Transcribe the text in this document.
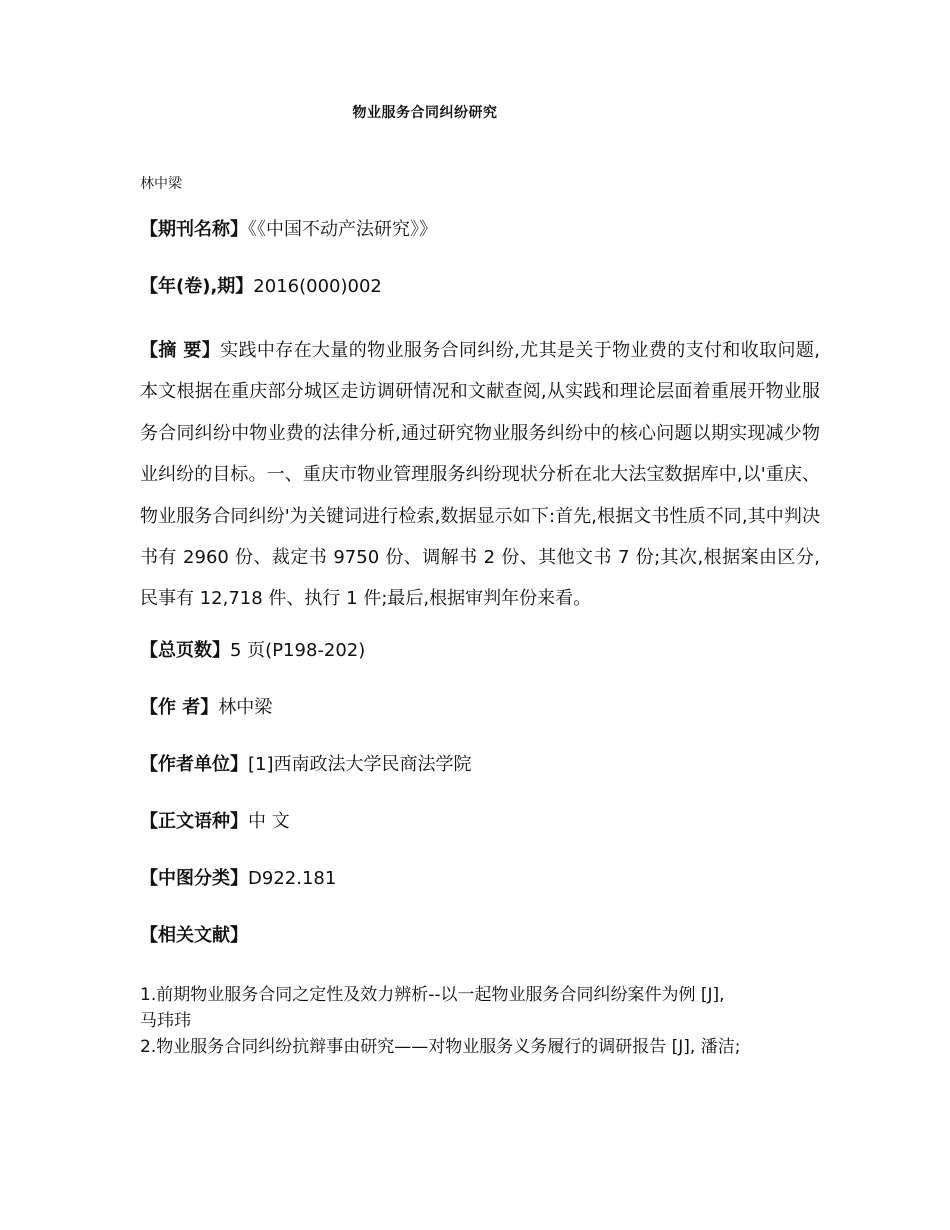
物业服务合同纠纷研究
林中梁
【期刊名称】《《中国不动产法研究》》
【年(卷),期】2016(000)002
【摘 要】实践中存在大量的物业服务合同纠纷,尤其是关于物业费的支付和收取问题,本文根据在重庆部分城区走访调研情况和文献查阅,从实践和理论层面着重展开物业服务合同纠纷中物业费的法律分析,通过研究物业服务纠纷中的核心问题以期实现减少物业纠纷的目标。一、重庆市物业管理服务纠纷现状分析在北大法宝数据库中,以'重庆、物业服务合同纠纷'为关键词进行检索,数据显示如下:首先,根据文书性质不同,其中判决书有 2960 份、裁定书 9750 份、调解书 2 份、其他文书 7 份;其次,根据案由区分,民事有 12,718 件、执行 1 件;最后,根据审判年份来看。
【总页数】5 页(P198-202)
【作 者】林中梁
【作者单位】[1]西南政法大学民商法学院
【正文语种】中 文
【中图分类】D922.181
【相关文献】

1.前期物业服务合同之定性及效力辨析--以一起物业服务合同纠纷案件为例 [J],
马玮玮

2.物业服务合同纠纷抗辩事由研究——对物业服务义务履行的调研报告 [J], 潘洁;
